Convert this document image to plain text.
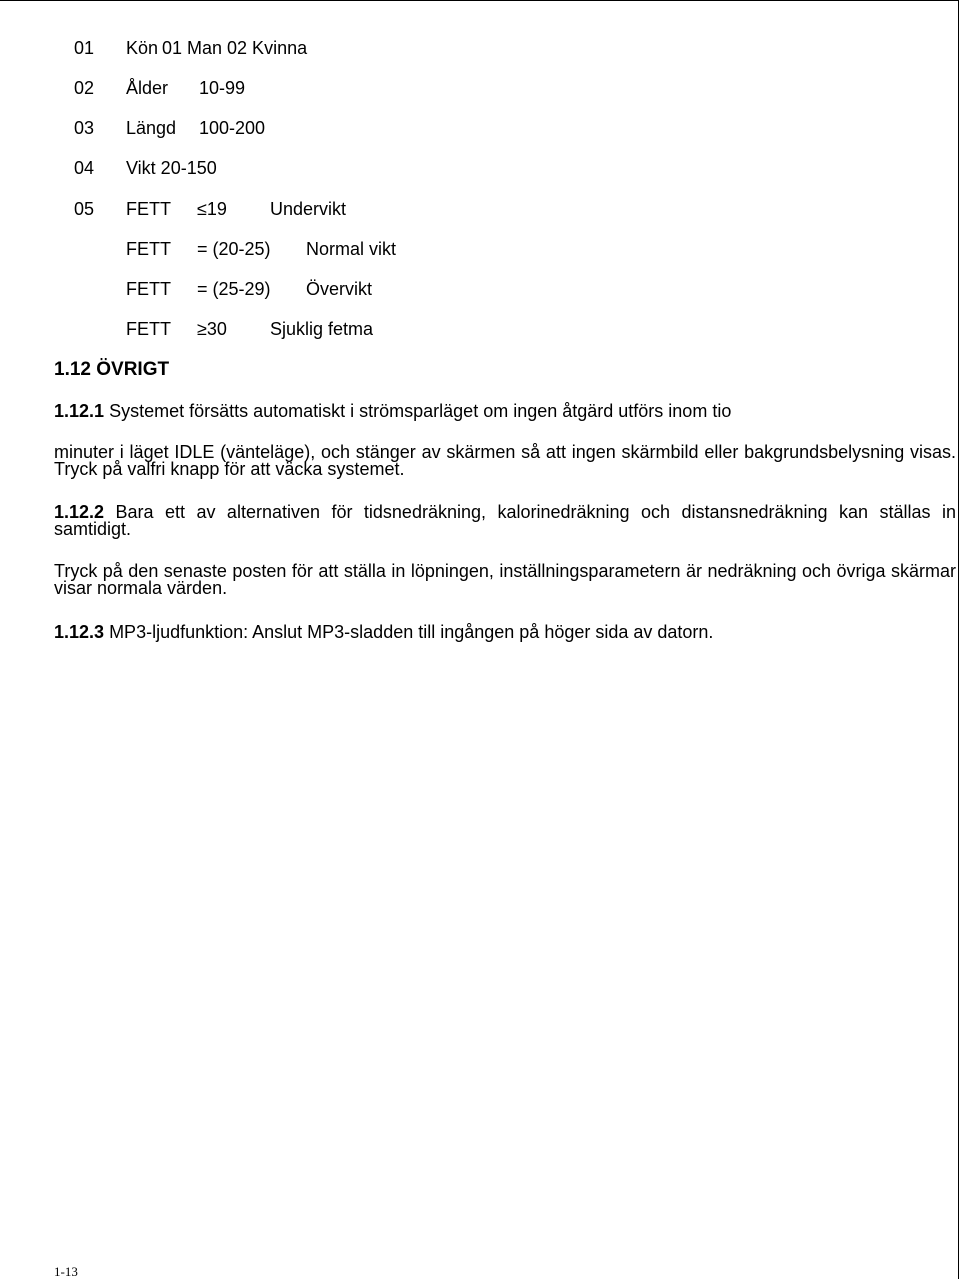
01 Kön 01 Man 02 Kvinna
02 Ålder 10-99
03 Längd 100-200
04 Vikt 20-150
05 FETT ≤19 Undervikt
FETT = (20-25) Normal vikt
FETT = (25-29) Övervikt
FETT ≥30 Sjuklig fetma
1.12 ÖVRIGT
1.12.1 Systemet försätts automatiskt i strömsparläget om ingen åtgärd utförs inom tio
minuter i läget IDLE (vänteläge), och stänger av skärmen så att ingen skärmbild eller bakgrundsbelysning visas. Tryck på valfri knapp för att väcka systemet.
1.12.2 Bara ett av alternativen för tidsnedräkning, kalorinedräkning och distansnedräkning kan ställas in samtidigt.
Tryck på den senaste posten för att ställa in löpningen, inställningsparametern är nedräkning och övriga skärmar visar normala värden.
1.12.3 MP3-ljudfunktion: Anslut MP3-sladden till ingången på höger sida av datorn.
1-13
